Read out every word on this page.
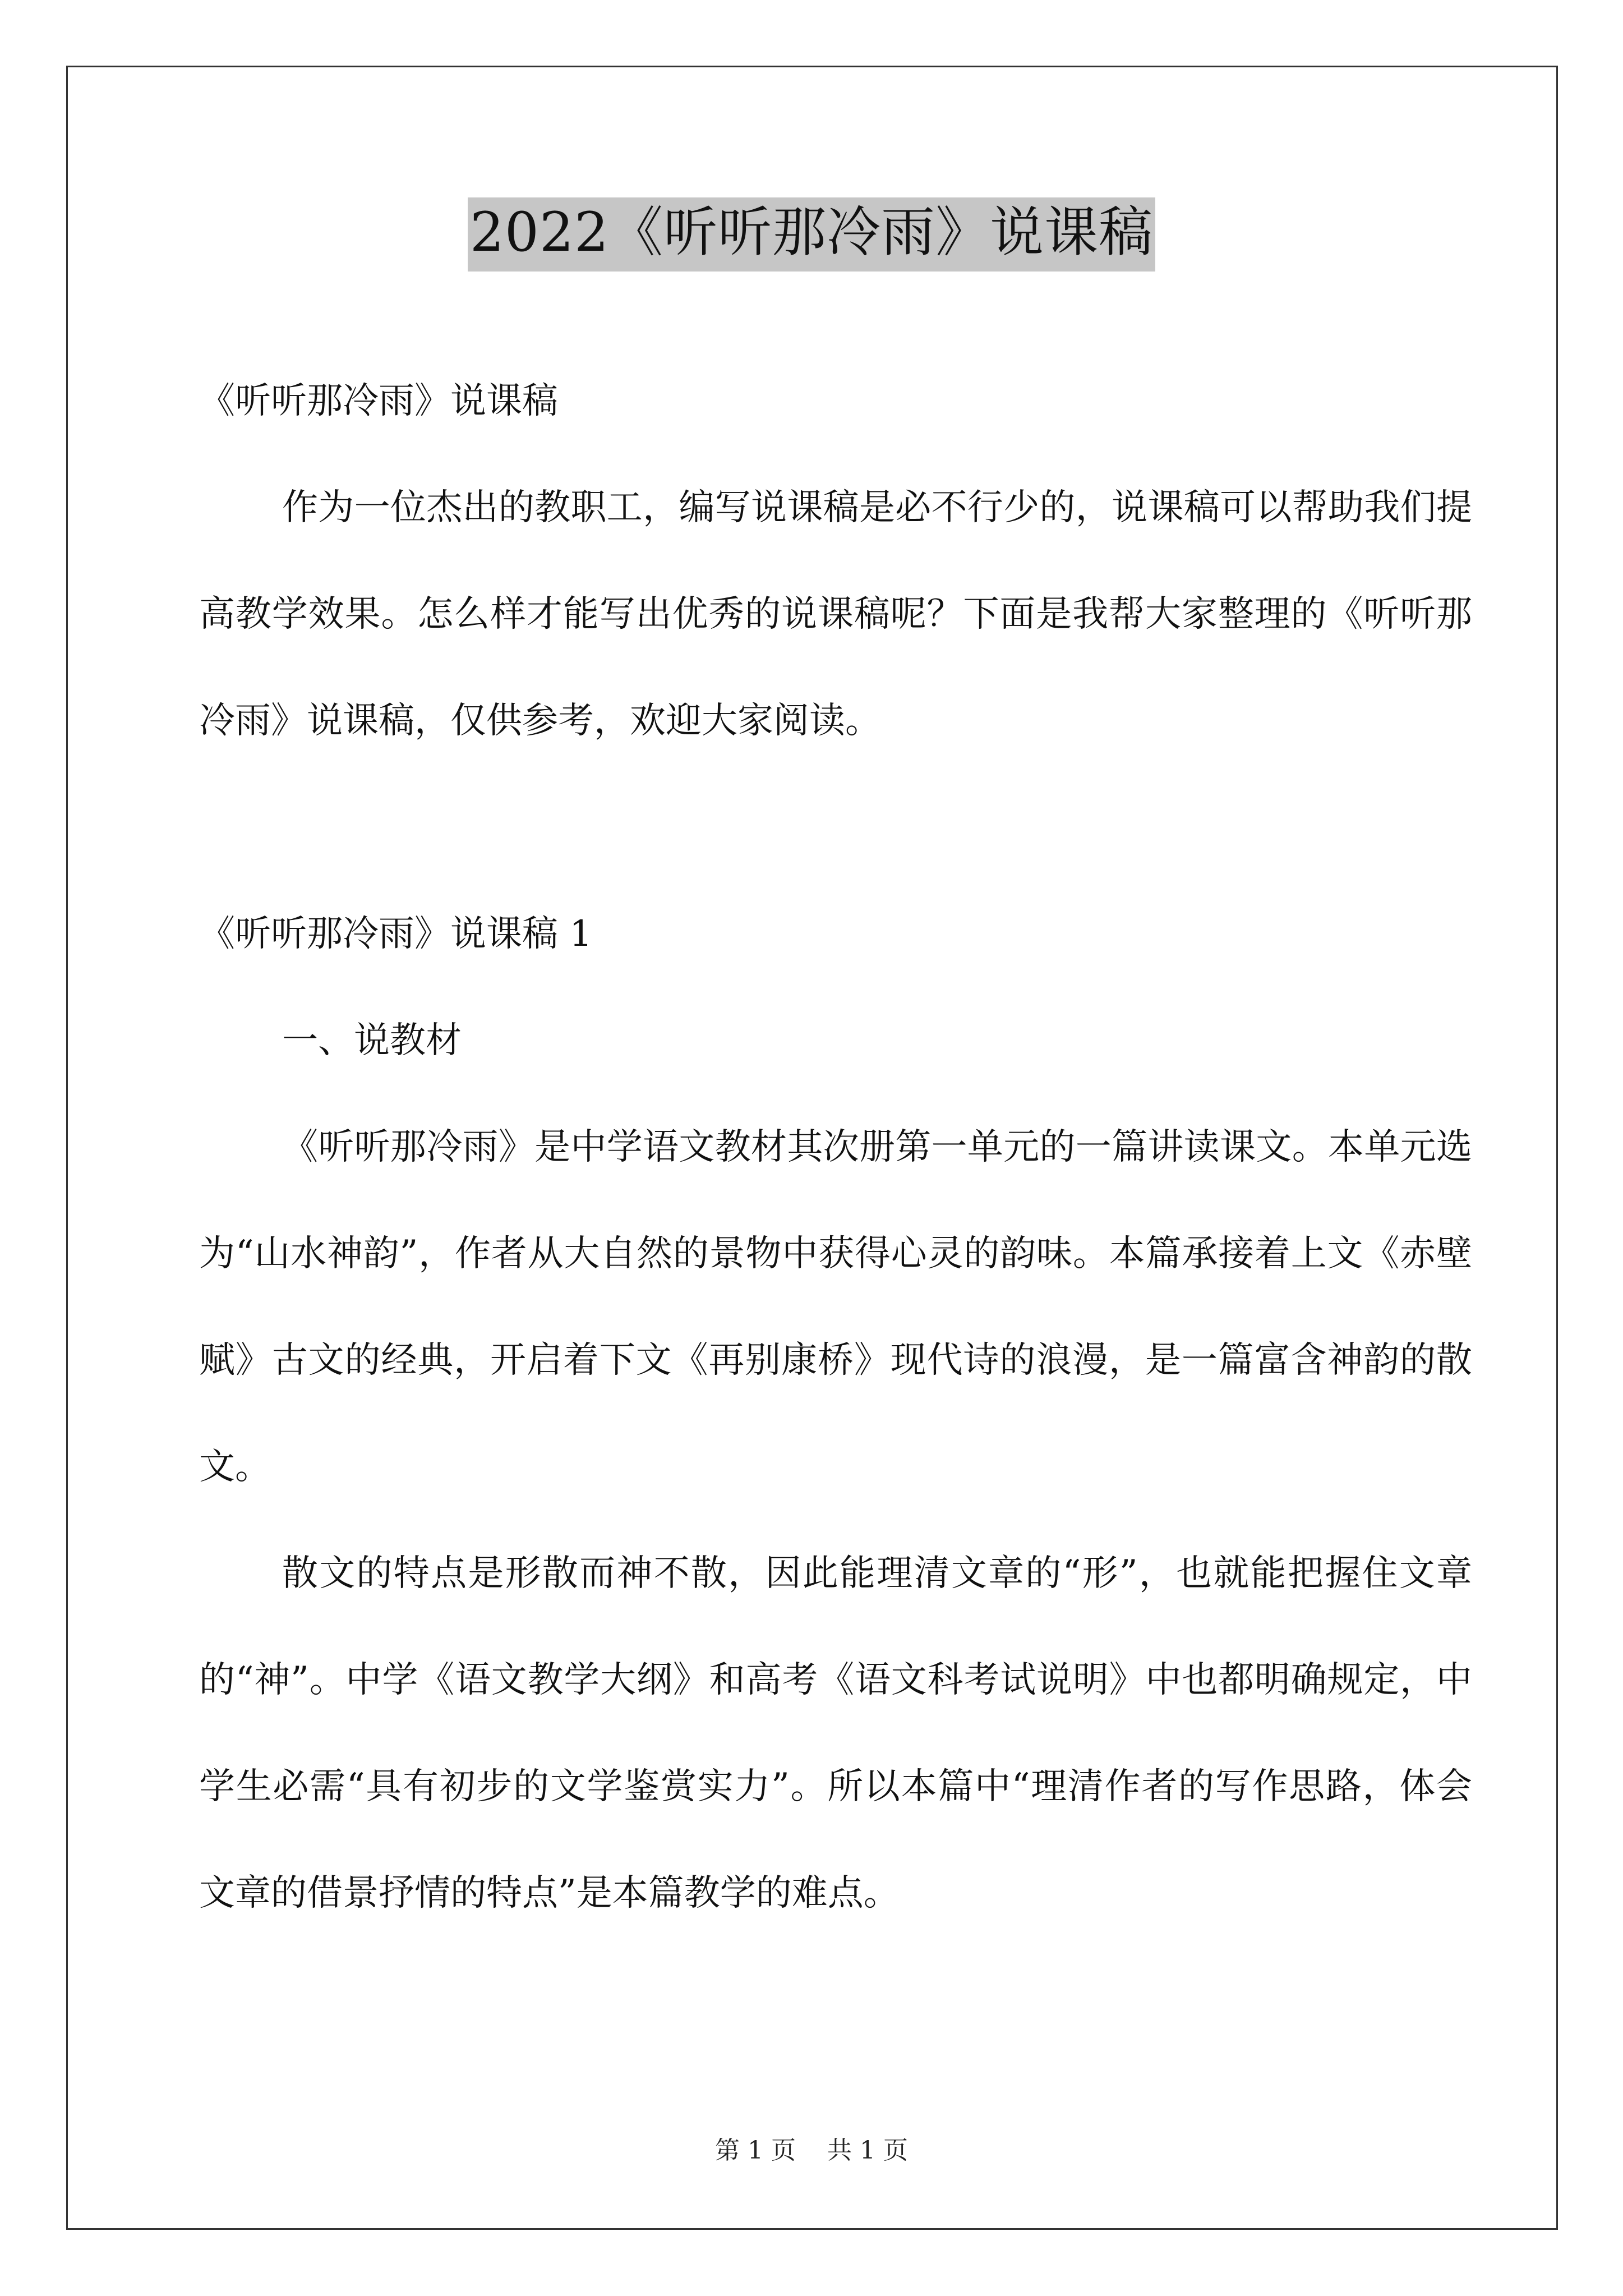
2022《听听那冷雨》说课稿

《听听那冷雨》说课稿

作为一位杰出的教职工，编写说课稿是必不行少的，说课稿可以帮助我们提高教学效果。怎么样才能写出优秀的说课稿呢？下面是我帮大家整理的《听听那冷雨》说课稿，仅供参考，欢迎大家阅读。

《听听那冷雨》说课稿 1

一、说教材

《听听那冷雨》是中学语文教材其次册第一单元的一篇讲读课文。本单元选为“山水神韵”，作者从大自然的景物中获得心灵的韵味。本篇承接着上文《赤壁赋》古文的经典，开启着下文《再别康桥》现代诗的浪漫，是一篇富含神韵的散文。

散文的特点是形散而神不散，因此能理清文章的“形”，也就能把握住文章的“神”。中学《语文教学大纲》和高考《语文科考试说明》中也都明确规定，中学生必需“具有初步的文学鉴赏实力”。所以本篇中“理清作者的写作思路，体会文章的借景抒情的特点”是本篇教学的难点。

第 1 页 共 1 页
